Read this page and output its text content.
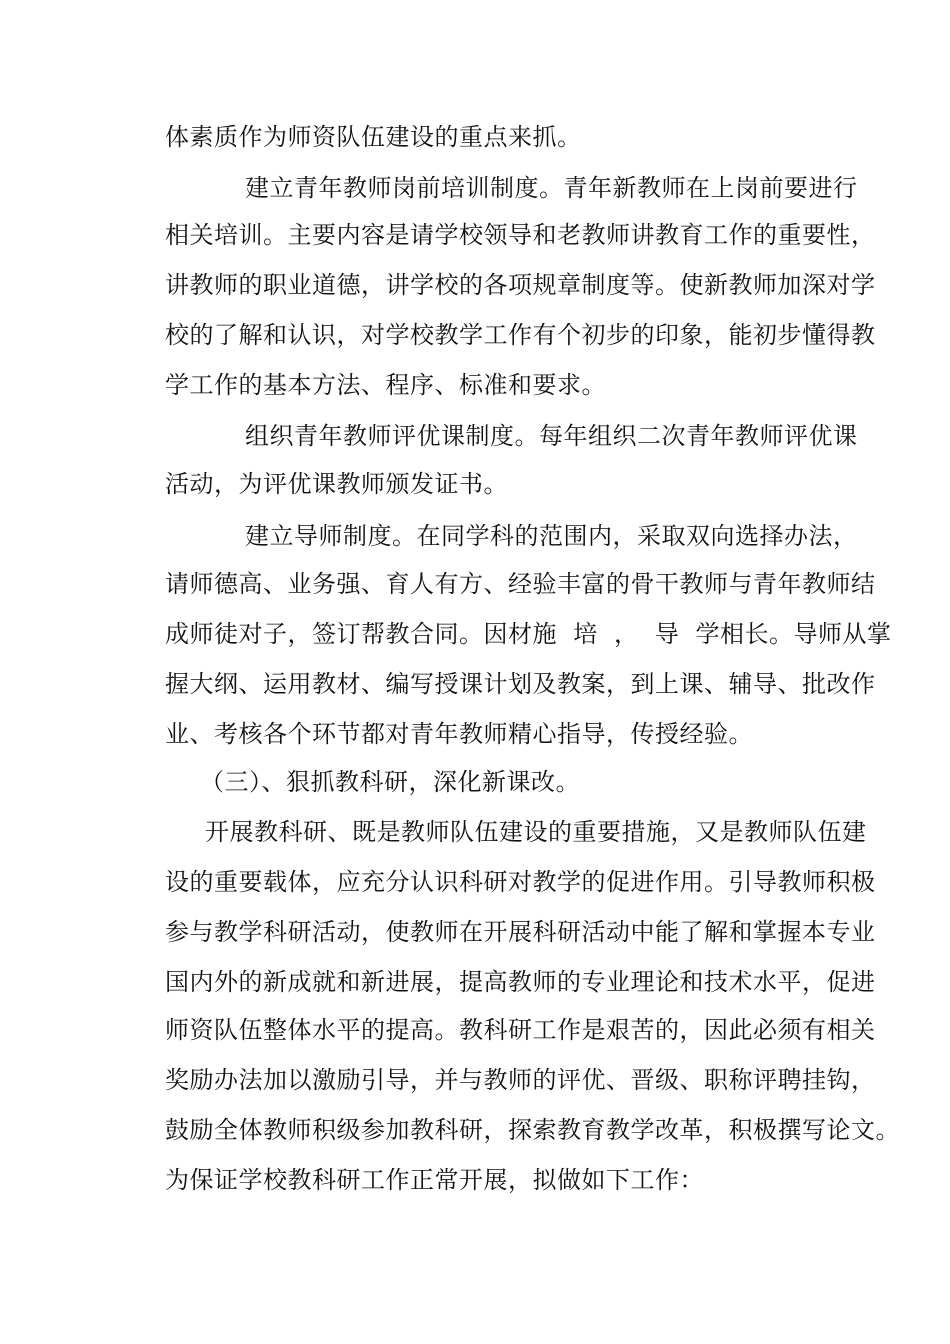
体素质作为师资队伍建设的重点来抓。
建立青年教师岗前培训制度。青年新教师在上岗前要进行
相关培训。主要内容是请学校领导和老教师讲教育工作的重要性，
讲教师的职业道德，讲学校的各项规章制度等。使新教师加深对学
校的了解和认识，对学校教学工作有个初步的印象，能初步懂得教
学工作的基本方法、程序、标准和要求。
组织青年教师评优课制度。每年组织二次青年教师评优课
活动，为评优课教师颁发证书。
建立导师制度。在同学科的范围内，采取双向选择办法，
请师德高、业务强、育人有方、经验丰富的骨干教师与青年教师结
成师徒对子，签订帮教合同。因材施  培  ，  导  学相长。导师从掌
握大纲、运用教材、编写授课计划及教案，到上课、辅导、批改作
业、考核各个环节都对青年教师精心指导，传授经验。
（三）、狠抓教科研，深化新课改。
开展教科研、既是教师队伍建设的重要措施，又是教师队伍建
设的重要载体，应充分认识科研对教学的促进作用。引导教师积极
参与教学科研活动，使教师在开展科研活动中能了解和掌握本专业
国内外的新成就和新进展，提高教师的专业理论和技术水平，促进
师资队伍整体水平的提高。教科研工作是艰苦的，因此必须有相关
奖励办法加以激励引导，并与教师的评优、晋级、职称评聘挂钩，
鼓励全体教师积级参加教科研，探索教育教学改革，积极撰写论文。
为保证学校教科研工作正常开展，拟做如下工作：
